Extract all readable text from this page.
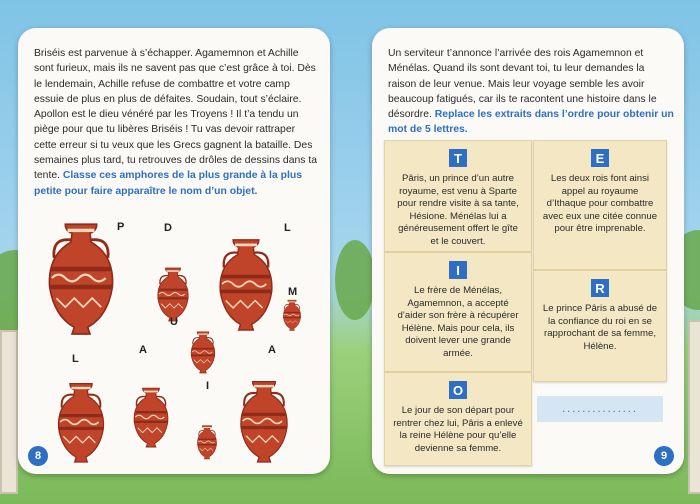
Briséis est parvenue à s’échapper. Agamemnon et Achille sont furieux, mais ils ne savent pas que c’est grâce à toi. Dès le lendemain, Achille refuse de combattre et votre camp essuie de plus en plus de défaites. Soudain, tout s’éclaire. Apollon est le dieu vénéré par les Troyens ! Il t’a tendu un piège pour que tu libères Briséis ! Tu vas devoir rattraper cette erreur si tu veux que les Grecs gagnent la bataille. Des semaines plus tard, tu retrouves de drôles de dessins dans ta tente. Classe ces amphores de la plus grande à la plus petite pour faire apparaître le nom d’un objet.
P	D	L
M
U
L
A	A
I
8
Un serviteur t’annonce l’arrivée des rois Agamemnon et Ménélas. Quand ils sont devant toi, tu leur demandes la raison de leur venue. Mais leur voyage semble les avoir beaucoup fatigués, car ils te racontent une histoire dans le désordre. Replace les extraits dans l’ordre pour obtenir un mot de 5 lettres.
9
T
Pâris, un prince d’un autre royaume, est venu à Sparte pour rendre visite à sa tante, Hésione. Ménélas lui a généreusement offert le gîte et le couvert.
E
Les deux rois font ainsi appel au royaume d’Ithaque pour combattre avec eux une citée connue pour être imprenable.
I
Le frère de Ménélas, Agamemnon, a accepté d’aider son frère à récupérer Hélène. Mais pour cela, ils doivent lever une grande armée.
R
Le prince Pâris a abusé de la confiance du roi en se rapprochant de sa femme, Hélène.
O
Le jour de son départ pour rentrer chez lui, Pâris a enlevé la reine Hélène pour qu’elle devienne sa femme.
...............
